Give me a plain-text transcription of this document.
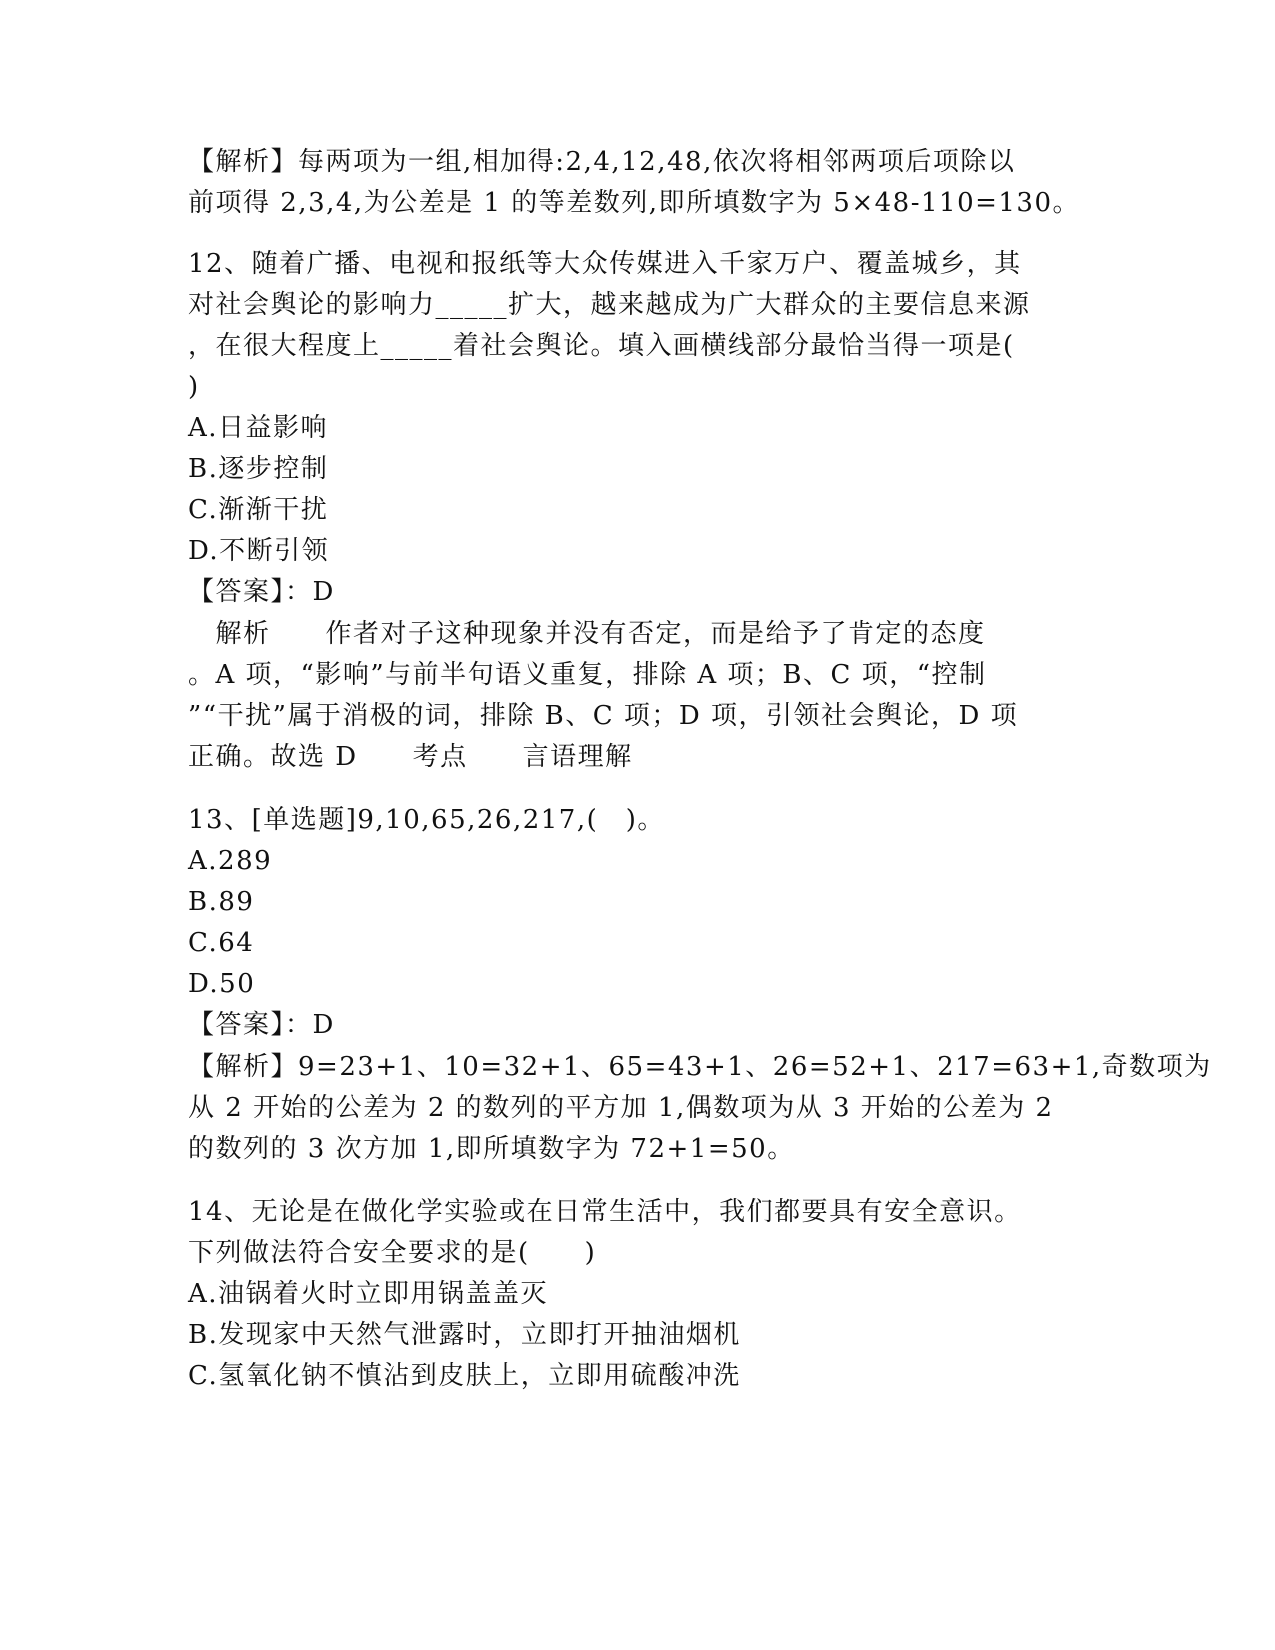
【解析】每两项为一组,相加得:2,4,12,48,依次将相邻两项后项除以
前项得 2,3,4,为公差是 1 的等差数列,即所填数字为 5×48-110=130。
12、随着广播、电视和报纸等大众传媒进入千家万户、覆盖城乡，其
对社会舆论的影响力_____扩大，越来越成为广大群众的主要信息来源
，在很大程度上_____着社会舆论。填入画横线部分最恰当得一项是(
)
A.日益影响
B.逐步控制
C.渐渐干扰
D.不断引领
【答案】：D
　解析　　作者对子这种现象并没有否定，而是给予了肯定的态度
。A 项，“影响”与前半句语义重复，排除 A 项；B、C 项，“控制
”“干扰”属于消极的词，排除 B、C 项；D 项，引领社会舆论，D 项
正确。故选 D　　考点　　言语理解
13、[单选题]9,10,65,26,217,(　)。
A.289
B.89
C.64
D.50
【答案】：D
【解析】9=23+1、10=32+1、65=43+1、26=52+1、217=63+1,奇数项为
从 2 开始的公差为 2 的数列的平方加 1,偶数项为从 3 开始的公差为 2
的数列的 3 次方加 1,即所填数字为 72+1=50。
14、无论是在做化学实验或在日常生活中，我们都要具有安全意识。
下列做法符合安全要求的是(　　)
A.油锅着火时立即用锅盖盖灭
B.发现家中天然气泄露时，立即打开抽油烟机
C.氢氧化钠不慎沾到皮肤上，立即用硫酸冲洗
